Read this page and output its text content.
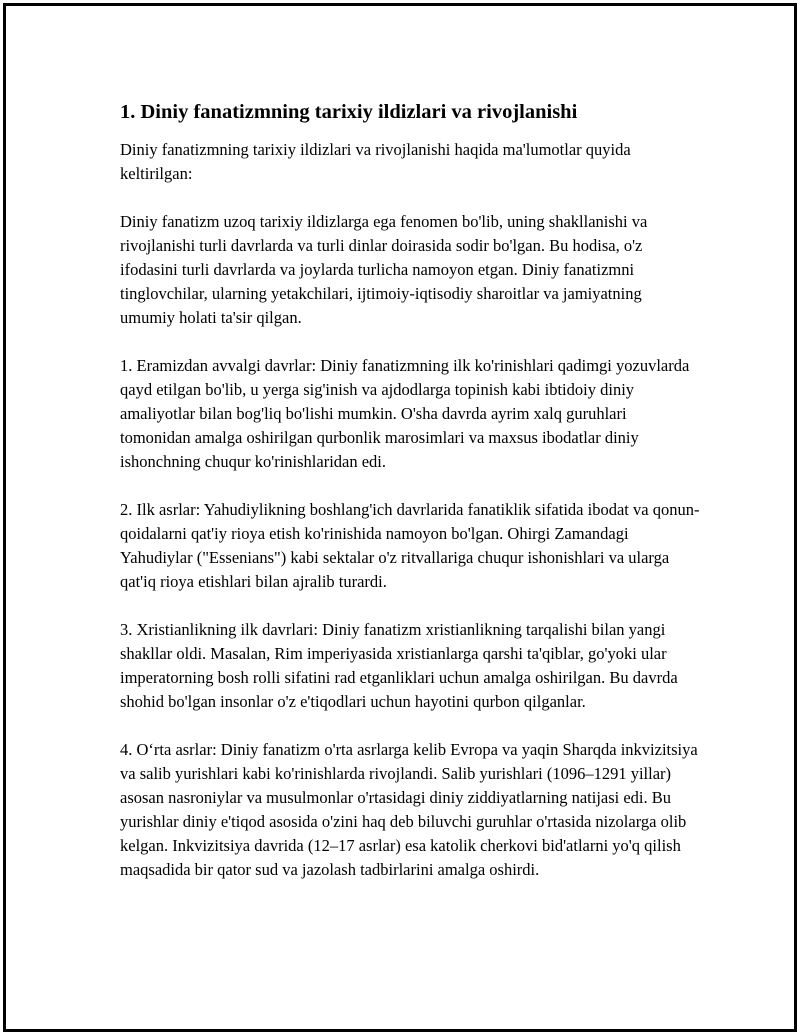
1. Diniy fanatizmning tarixiy ildizlari va rivojlanishi

Diniy fanatizmning tarixiy ildizlari va rivojlanishi haqida ma'lumotlar quyida keltirilgan:

Diniy fanatizm uzoq tarixiy ildizlarga ega fenomen bo'lib, uning shakllanishi va rivojlanishi turli davrlarda va turli dinlar doirasida sodir bo'lgan. Bu hodisa, o'z ifodasini turli davrlarda va joylarda turlicha namoyon etgan. Diniy fanatizmni tinglovchilar, ularning yetakchilari, ijtimoiy-iqtisodiy sharoitlar va jamiyatning umumiy holati ta'sir qilgan.

1. Eramizdan avvalgi davrlar: Diniy fanatizmning ilk ko'rinishlari qadimgi yozuvlarda qayd etilgan bo'lib, u yerga sig'inish va ajdodlarga topinish kabi ibtidoiy diniy amaliyotlar bilan bog'liq bo'lishi mumkin. O'sha davrda ayrim xalq guruhlari tomonidan amalga oshirilgan qurbonlik marosimlari va maxsus ibodatlar diniy ishonchning chuqur ko'rinishlaridan edi.

2. Ilk asrlar: Yahudiylikning boshlang'ich davrlarida fanatiklik sifatida ibodat va qonun-qoidalarni qat'iy rioya etish ko'rinishida namoyon bo'lgan. Ohirgi Zamandagi Yahudiylar ("Essenians") kabi sektalar o'z ritvallariga chuqur ishonishlari va ularga qat'iq rioya etishlari bilan ajralib turardi.

3. Xristianlikning ilk davrlari: Diniy fanatizm xristianlikning tarqalishi bilan yangi shakllar oldi. Masalan, Rim imperiyasida xristianlarga qarshi ta'qiblar, go'yoki ular imperatorning bosh rolli sifatini rad etganliklari uchun amalga oshirilgan. Bu davrda shohid bo'lgan insonlar o'z e'tiqodlari uchun hayotini qurbon qilganlar.

4. O‘rta asrlar: Diniy fanatizm o'rta asrlarga kelib Evropa va yaqin Sharqda inkvizitsiya va salib yurishlari kabi ko'rinishlarda rivojlandi. Salib yurishlari (1096–1291 yillar) asosan nasroniylar va musulmonlar o'rtasidagi diniy ziddiyatlarning natijasi edi. Bu yurishlar diniy e'tiqod asosida o'zini haq deb biluvchi guruhlar o'rtasida nizolarga olib kelgan. Inkvizitsiya davrida (12–17 asrlar) esa katolik cherkovi bid'atlarni yo'q qilish maqsadida bir qator sud va jazolash tadbirlarini amalga oshirdi.
